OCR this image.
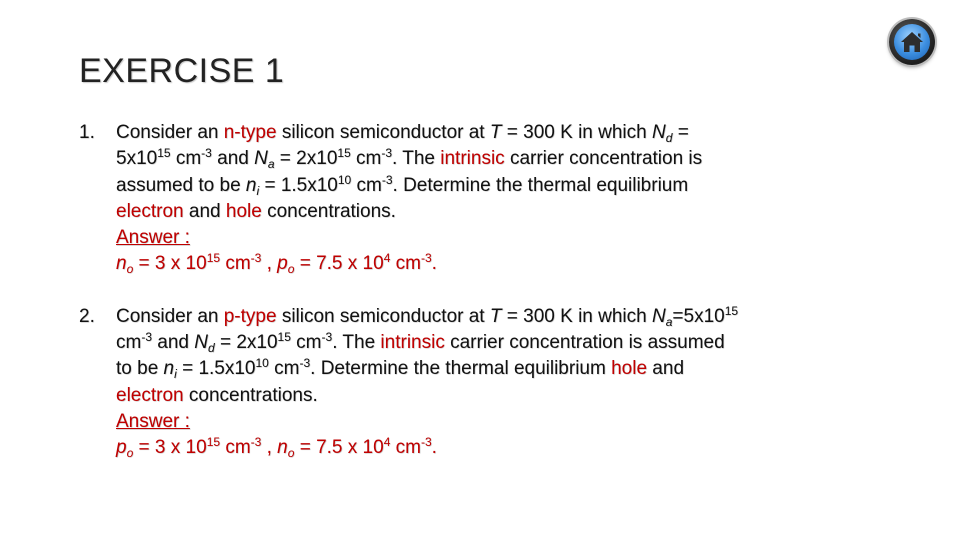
EXERCISE 1
1. Consider an n-type silicon semiconductor at T = 300 K in which $N_d$ =
$5x10^{15}$ $cm^{-3}$ and $N_a = 2x10^{15}$ $cm^{-3}$. The intrinsic carrier concentration is
assumed to be $n_i = 1.5x10^{10}$ $cm^{-3}$. Determine the thermal equilibrium
electron and hole concentrations.
Answer :
$n_o = 3$ x $10^{15}$ $cm^{-3}$ , $p_o = 7.5$ x $10^4$ $cm^{-3}$.
2. Consider an p-type silicon semiconductor at T = 300 K in which $N_a=5x10^{15}$
$cm^{-3}$ and $N_d = 2x10^{15}$ $cm^{-3}$. The intrinsic carrier concentration is assumed
to be $n_i = 1.5x10^{10}$ $cm^{-3}$. Determine the thermal equilibrium hole and
electron concentrations.
Answer :
$p_o = 3$ x $10^{15}$ $cm^{-3}$ , $n_o = 7.5$ x $10^4$ $cm^{-3}$.
